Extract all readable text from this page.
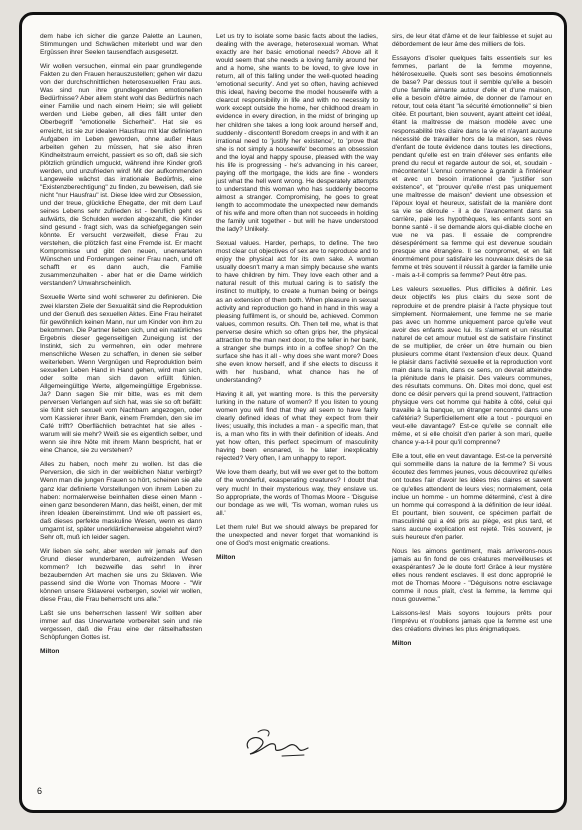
dem habe ich sicher die ganze Palette an Launen, Stimmungen und Schwächen miterlebt und war den Ergüssen ihrer Seelen tausendfach ausgesetzt.

Wir wollen versuchen, einmal ein paar grundlegende Fakten zu den Frauen herauszustellen; gehen wir dazu von der durchschnittlichen heterosexuellen Frau aus. Was sind nun ihre grundlegenden emotionellen Bedürfnisse? Aber allem steht wohl das Bedürfnis nach einer Familie und nach einem Heim; sie will geliebt werden und Liebe geben, all dies fällt unter den Oberbegriff "emotionelle Sicherheit". Hat sie es erreicht, ist sie zur idealen Hausfrau mit klar definierten Aufgaben im Leben geworden, ohne außer Haus arbeiten gehen zu müssen, hat sie also ihren Kindheitstraum erreicht, passiert es so oft, daß sie sich plötzlich gründlich umguckt, während ihre Kinder groß werden, und unzufrieden wird! Mit der aufkommenden Langeweile wächst das irrationale Bedürfnis, eine "Existenzberechtigung" zu finden, zu beweisen, daß sie nicht "nur Hausfrau" ist. Diese Idee wird zur Obsession, und der treue, glückliche Ehegatte, der mit dem Lauf seines Lebens sehr zufrieden ist - beruflich geht es aufwärts, die Schulden werden abgezahlt, die Kinder sind gesund - fragt sich, was da schiefgegangen sein könnte. Er versucht verzweifelt, diese Frau zu verstehen, die plötzlich fast eine Fremde ist. Er macht Kompromisse und gibt den neuen, unerwarteten Wünschen und Forderungen seiner Frau nach, und oft schafft er es dann auch, die Familie zusammenzuhalten - aber hat er die Dame wirklich verstanden? Unwahrscheinlich.

Sexuelle Werte sind wohl schwerer zu definieren. Die zwei klarsten Ziele der Sexualität sind die Reproduktion und der Genuß des sexuellen Aktes. Eine Frau heiratet für gewöhnlich keinen Mann, nur um Kinder von ihm zu bekommen. Die Partner lieben sich, und ein natürliches Ergebnis dieser gegenseitigen Zuneigung ist der Instinkt, sich zu vermehren, ein oder mehrere menschliche Wesen zu schaffen, in denen sie selber weiterleben. Wenn Vergnügen und Reproduktion beim sexuellen Leben Hand in Hand gehen, wird man sich, oder sollte man sich davon erfüllt fühlen. Allgemeingültige Werte, allgemeingültige Ergebnisse. Ja? Dann sagen Sie mir bitte, was es mit dem perversen Verlangen auf sich hat, was sie so oft befällt: sie fühlt sich sexuell vom Nachbarn angezogen, oder vom Kassierer ihrer Bank, einem Fremden, den sie im Café trifft? Oberflächlich betrachtet hat sie alles - warum will sie mehr? Weiß sie es eigentlich selber, und wenn sie ihre Nöte mit ihrem Mann bespricht, hat er eine Chance, sie zu verstehen?

Alles zu haben, noch mehr zu wollen. Ist das die Perversion, die sich in der weiblichen Natur verbirgt? Wenn man die jungen Frauen so hört, scheinen sie alle ganz klar definierte Vorstellungen von ihrem Leben zu haben: normalerweise beinhalten diese einen Mann - einen ganz besonderen Mann, das heißt, einen, der mit ihren Idealen übereinstimmt. Und wie oft passiert es, daß dieses perfekte maskuline Wesen, wenn es dann umgarnt ist, später unerklärlicherweise abgelehnt wird? Sehr oft, muß ich leider sagen.

Wir lieben sie sehr, aber werden wir jemals auf den Grund dieser wunderbaren, aufreizenden Wesen kommen? Ich bezweifle das sehr! In ihrer bezaubernden Art machen sie uns zu Sklaven. Wie passend sind die Worte von Thomas Moore - "Wir können unsere Sklaverei verbergen, soviel wir wollen, diese Frau, die Frau beherrscht uns alle."

Laßt sie uns beherrschen lassen! Wir sollten aber immer auf das Unerwartete vorbereitet sein und nie vergessen, daß die Frau eine der rätselhaftesten Schöpfungen Gottes ist.

Milton

Let us try to isolate some basic facts about the ladies, dealing with the average, heterosexual woman. What exactly are her basic emotional needs? Above all it would seem that she needs a loving family around her and a home, she wants to be loved, to give love in return, all of this falling under the well-quoted heading 'emotional security'. And yet so often, having achieved this ideal, having become the model housewife with a clearcut responsibility in life and with no necessity to work except outside the home, her childhood dream in evidence in every direction, in the midst of bringing up her children she takes a long look around herself and, suddenly - discontent! Boredom creeps in and with it an irrational need to 'justify her existence', to 'prove that she is not simply a housewife' becomes an obsession and the loyal and happy spouse, pleased with the way his life is progressing - he's advancing in his career, paying off the mortgage, the kids are fine - wonders just what the hell went wrong. He desperately attempts to understand this woman who has suddenly become almost a stranger. Compromising, he goes to great length to accommodate the unexpected new demands of his wife and more often than not succeeds in holding the family unit together - but will he have understood the lady? Unlikely.

Sexual values. Harder, perhaps, to define. The two most clear cut objectives of sex are to reproduce and to enjoy the physical act for its own sake. A woman usually doesn't marry a man simply because she wants to have children by him. They love each other and a natural result of this mutual caring is to satisfy the instinct to multiply, to create a human being or beings as an extension of them both. When pleasure in sexual activity and reproduction go hand in hand in this way a pleasing fulfilment is, or should be, achieved. Common values, common results. Oh. Then tell me, what is that perverse desire which so often grips her, the physical attraction to the man next door, to the teller in her bank, a stranger she bumps into in a coffee shop? On the surface she has it all - why does she want more? Does she even know herself, and if she elects to discuss it with her husband, what chance has he of understanding?

Having it all, yet wanting more. Is this the perversity lurking in the nature of women? If you listen to young women you will find that they all seem to have fairly clearly defined ideas of what they expect from their lives; usually, this includes a man - a specific man, that is, a man who fits in with their definition of ideals. And yet how often, this perfect specimum of masculinity having been ensnared, is he later inexplicably rejected? Very often, I am unhappy to report.

We love them dearly, but will we ever get to the bottom of the wonderful, exasperating creatures? I doubt that very much! In their mysterious way, they enslave us. So appropriate, the words of Thomas Moore - 'Disguise our bondage as we will, 'Tis woman, woman rules us all.'

Let them rule! But we should always be prepared for the unexpected and never forget that womankind is one of God's most enigmatic creations.

Milton

sirs, de leur état d'âme et de leur faiblesse et sujet au débordement de leur âme des milliers de fois.

Essayons d'isoler quelques faits essentiels sur les femmes, parlant de la femme moyenne, hétérosexuelle. Quels sont ses besoins émotionnels de base? Par dessus tout il semble qu'elle a besoin d'une famille aimante autour d'elle et d'une maison, elle a besoin d'être aimée, de donner de l'amour en retour, tout cela étant "la sécurité émotionnelle" si bien citée. Et pourtant, bien souvent, ayant atteint cet idéal, étant la maîtresse de maison modèle avec une responsabilité très claire dans la vie et n'ayant aucune nécessité de travailler hors de la maison, ses rêves d'enfant de toute évidence dans toutes les directions, pendant qu'elle est en train d'élever ses enfants elle prend du recul et regarde autour de soi, et, soudain - mécontente! L'ennui commence à grandir à l'intérieur et avec un besoin irrationnel de "justifier son existence", et "prouver qu'elle n'est pas uniquement une maîtresse de maison" devient une obsession et l'époux loyal et heureux, satisfait de la manière dont sa vie se déroule - il a de l'avancement dans sa carrière, paie les hypothèques, les enfants sont en bonne santé - il se demande alors qui-diable cloche en vue ne va pas. Il essaie de comprendre désespérément sa femme qui est devenue soudain presque une étrangère. Il se compromet, et en fait énormément pour satisfaire les nouveaux désirs de sa femme et très souvent il réussit à garder la famille unie - mais a-t-il compris sa femme? Peut être pas.

Les valeurs sexuelles. Plus difficiles à définir. Les deux objectifs les plus clairs du sexe sont de reproduire et de prendre plaisir à l'acte physique tout simplement. Normalement, une femme ne se marie pas avec un homme uniquement parce qu'elle veut avoir des enfants avec lui. Ils s'aiment et un résultat naturel de cet amour mutuel est de satisfaire l'instinct de se multiplier, de créer un être humain ou bien plusieurs comme étant l'extension d'eux deux. Quand le plaisir dans l'activité sexuelle et la reproduction vont main dans la main, dans ce sens, on devrait atteindre la plénitude dans le plaisir. Des valeurs communes, des résultats communs. Oh. Dites moi donc, quel est donc ce désir pervers qui la prend souvent, l'attraction physique vers cet homme qui habite à côté, celui qui travaille à la banque, un étranger rencontré dans une cafétéria? Superficiellement elle a tout - pourquoi en veut-elle davantage? Est-ce qu'elle se connaît elle même, et si elle choisit d'en parler à son mari, quelle chance y-a-t-il pour qu'il comprenne?

Elle a tout, elle en veut davantage. Est-ce la perversité qui sommeille dans la nature de la femme? Si vous écoutez des femmes jeunes, vous découvrirez qu'elles ont toutes l'air d'avoir les idées très claires et savent ce qu'elles attendent de leurs vies; normalement, cela inclue un homme - un homme déterminé, c'est à dire un homme qui correspond à la définition de leur idéal. Et pourtant, bien souvent, ce spécimen parfait de masculinité qui a été pris au piège, est plus tard, et sans aucune explication est rejeté. Très souvent, je suis heureux d'en parler.

Nous les aimons gentiment, mais arriverons-nous jamais au fin fond de ces créatures merveilleuses et exaspérantes? Je le doute fort! Grâce à leur mystère elles nous rendent esclaves. Il est donc approprié le mot de Thomas Moore - "Déguisons notre esclavage comme il nous plaît, c'est la femme, la femme qui nous gouverne."

Laissons-les! Mais soyons toujours prêts pour l'imprévu et n'oublions jamais que la femme est une des créations divines les plus énigmatiques.

Milton
6
